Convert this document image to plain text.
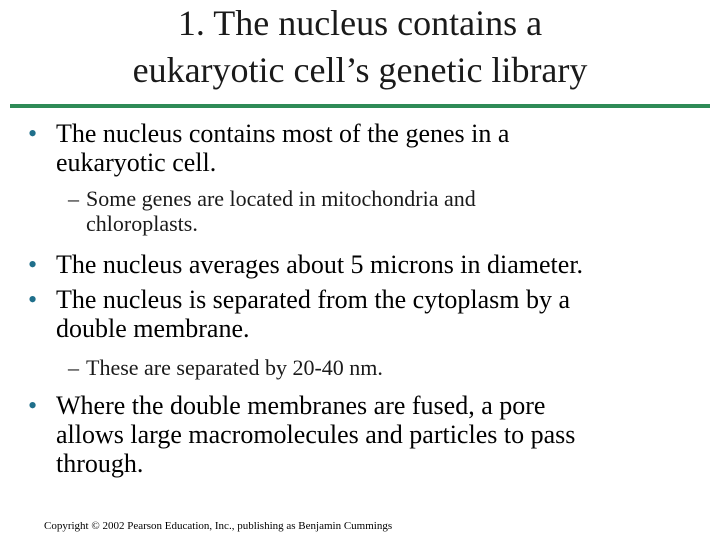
1. The nucleus contains a
eukaryotic cell’s genetic library
• The nucleus contains most of the genes in a
eukaryotic cell.
– Some genes are located in mitochondria and
chloroplasts.
• The nucleus averages about 5 microns in diameter.
• The nucleus is separated from the cytoplasm by a
double membrane.
– These are separated by 20-40 nm.
• Where the double membranes are fused, a pore
allows large macromolecules and particles to pass
through.
Copyright © 2002 Pearson Education, Inc., publishing as Benjamin Cummings
